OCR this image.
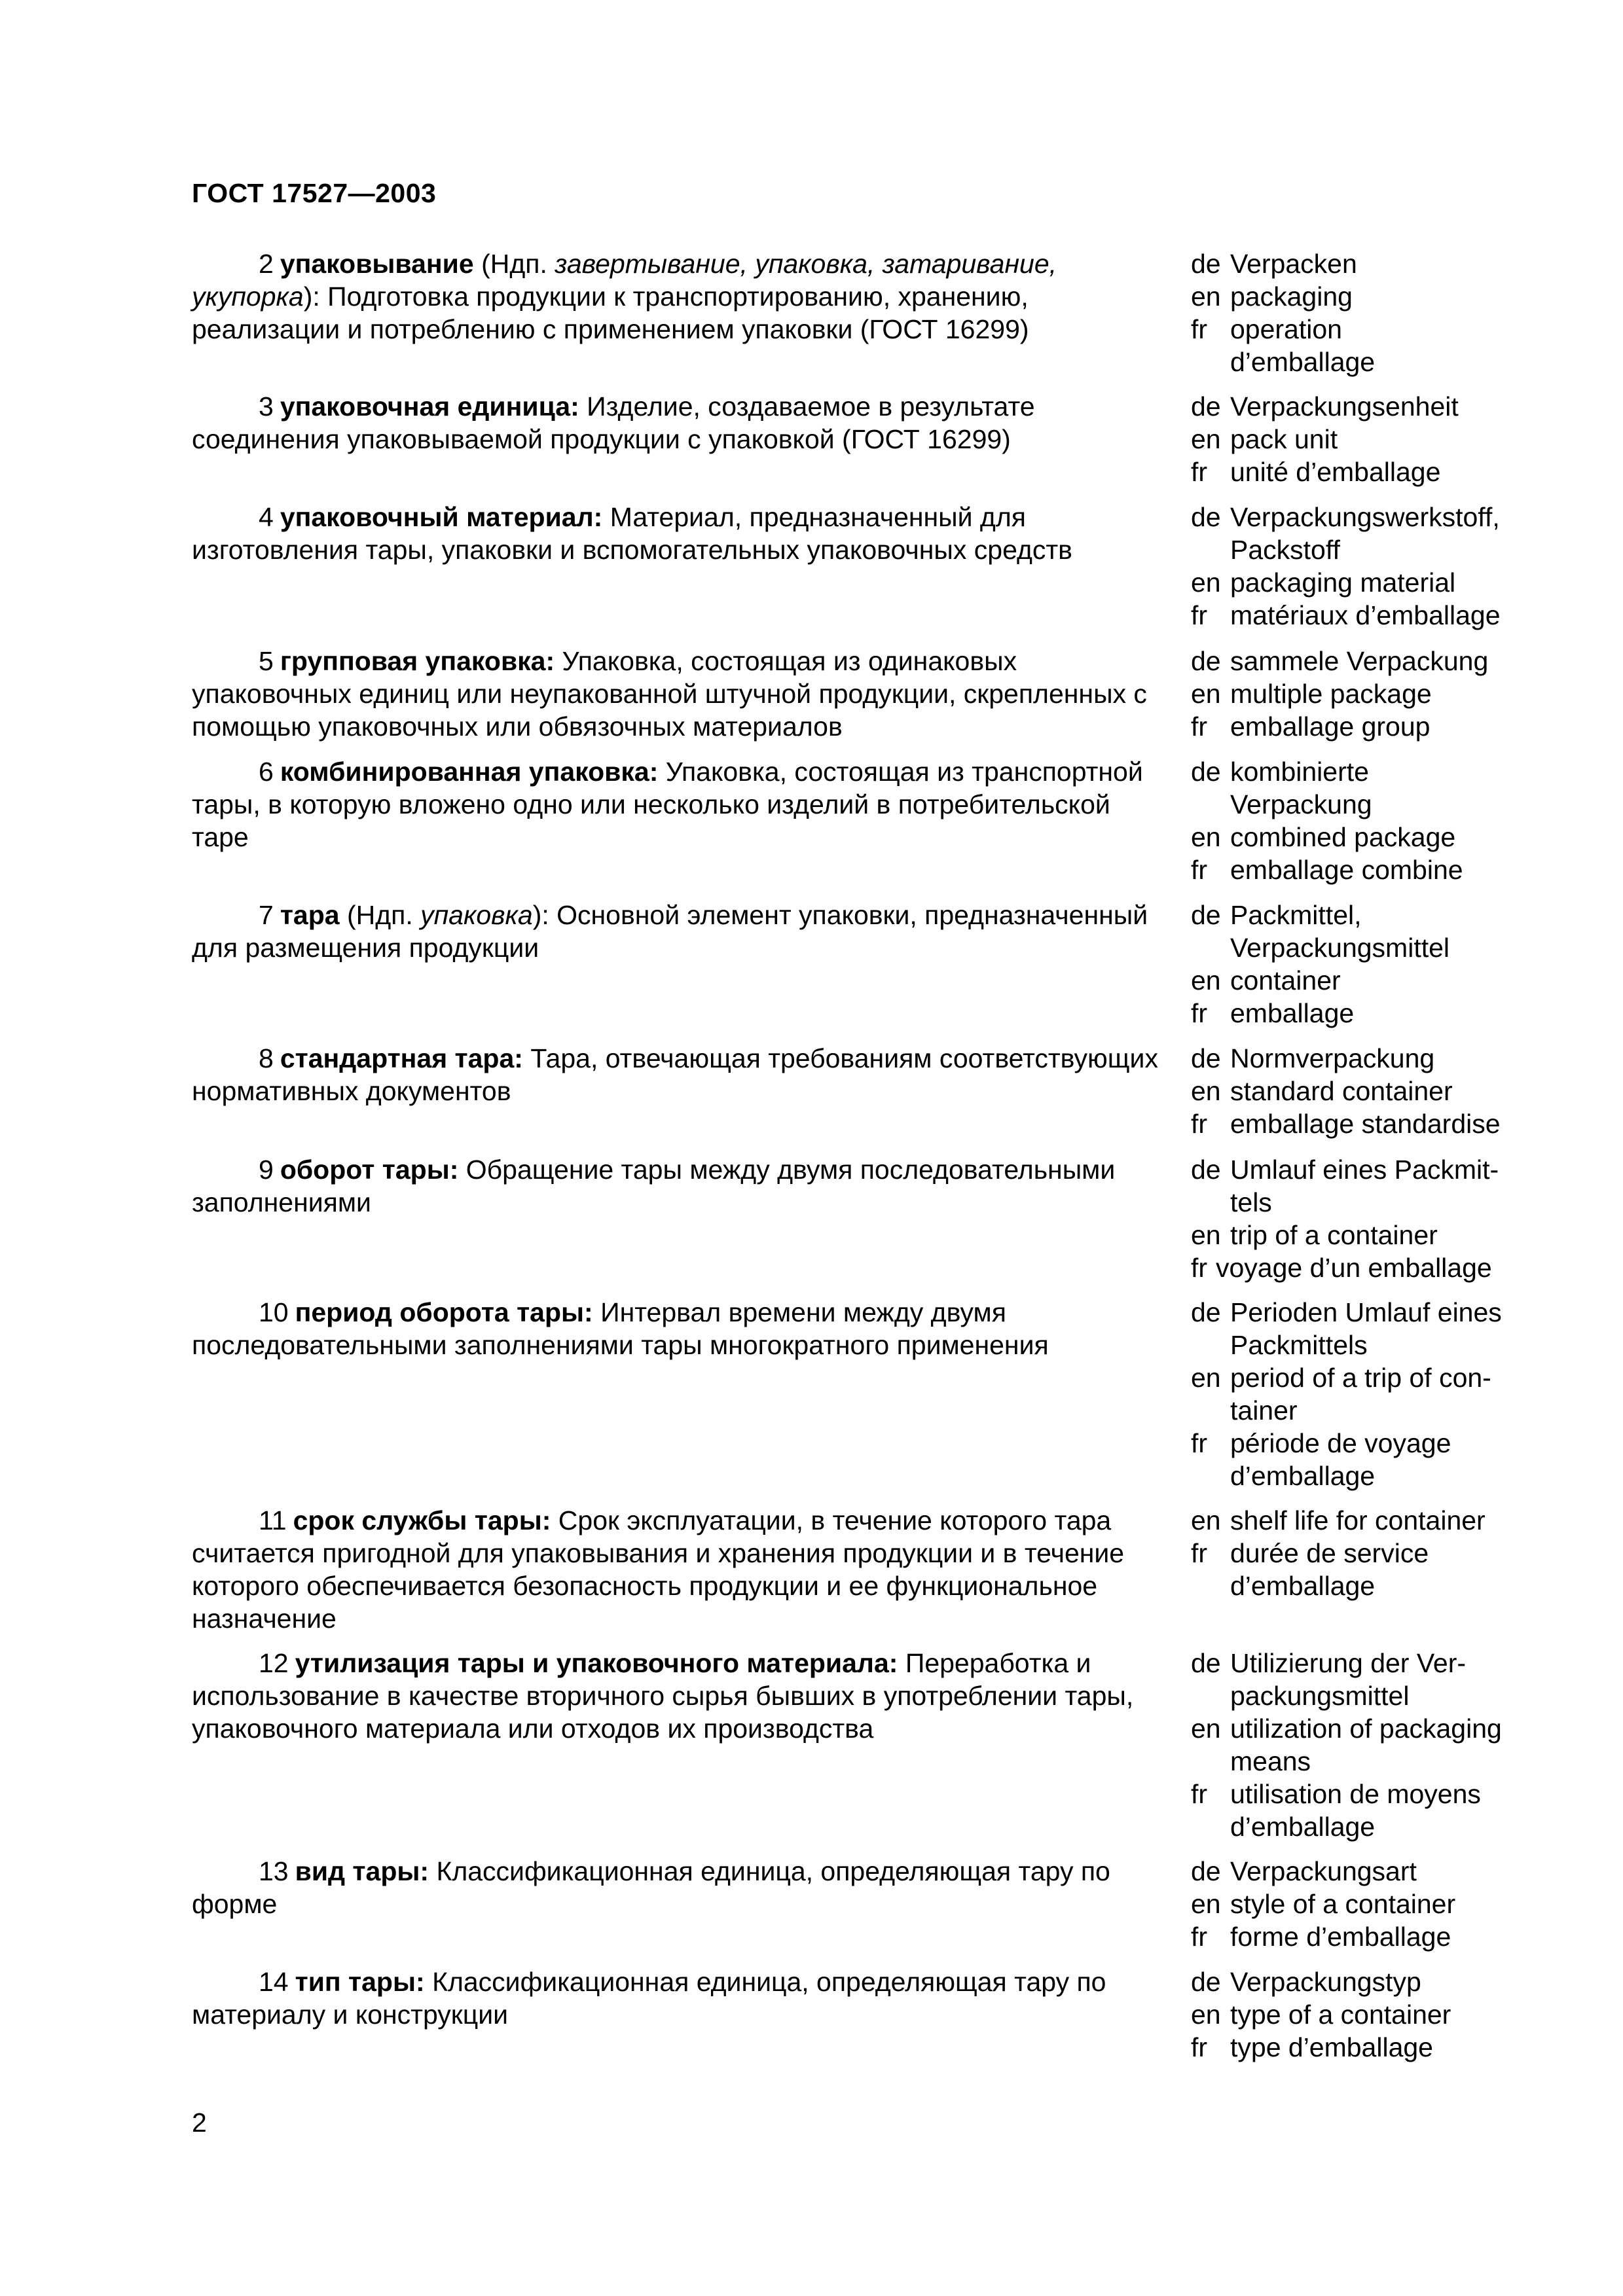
ГОСТ 17527—2003

2 упаковывание (Ндп. завертывание, упаковка, затаривание, укупорка): Подготовка продукции к транспортированию, хранению, реализации и потреблению с применением упаковки (ГОСТ 16299)

de Verpacken
en packaging
fr operation
d’emballage

3 упаковочная единица: Изделие, создаваемое в результате соединения упаковываемой продукции с упаковкой (ГОСТ 16299)

de Verpackungsenheit
en pack unit
fr unité d’emballage

4 упаковочный материал: Материал, предназначенный для изготовления тары, упаковки и вспомогательных упаковочных средств

de Verpackungswerkstoff,
Packstoff
en packaging material
fr matériaux d’emballage

5 групповая упаковка: Упаковка, состоящая из одинаковых упаковочных единиц или неупакованной штучной продукции, скрепленных с помощью упаковочных или обвязочных материалов

de sammele Verpackung
en multiple package
fr emballage group

6 комбинированная упаковка: Упаковка, состоящая из транспортной тары, в которую вложено одно или несколько изделий в потребительской таре

de kombinierte
Verpackung
en combined package
fr emballage combine

7 тара (Ндп. упаковка): Основной элемент упаковки, предназначенный для размещения продукции

de Packmittel,
Verpackungsmittel
en container
fr emballage

8 стандартная тара: Тара, отвечающая требованиям соответствующих нормативных документов

de Normverpackung
en standard container
fr emballage standardise

9 оборот тары: Обращение тары между двумя последовательными заполнениями

de Umlauf eines Packmit-
tels
en trip of a container
fr voyage d’un emballage

10 период оборота тары: Интервал времени между двумя последовательными заполнениями тары многократного применения

de Perioden Umlauf eines
Packmittels
en period of a trip of con-
tainer
fr périоde de voyage
d’emballage

11 срок службы тары: Срок эксплуатации, в течение которого тара считается пригодной для упаковывания и хранения продукции и в течение которого обеспечивается безопасность продукции и ее функциональное назначение

en shelf life for container
fr durée de service
d’emballage

12 утилизация тары и упаковочного материала: Переработка и использование в качестве вторичного сырья бывших в употреблении тары, упаковочного материала или отходов их производства

de Utilizierung der Ver-
packungsmittel
en utilization of packaging
means
fr utilisation de moyens
d’emballage

13 вид тары: Классификационная единица, определяющая тару по форме

de Verpackungsart
en style of a container
fr forme d’emballage

14 тип тары: Классификационная единица, определяющая тару по материалу и конструкции

de Verpackungstyp
en type of a container
fr type d’emballage
2
